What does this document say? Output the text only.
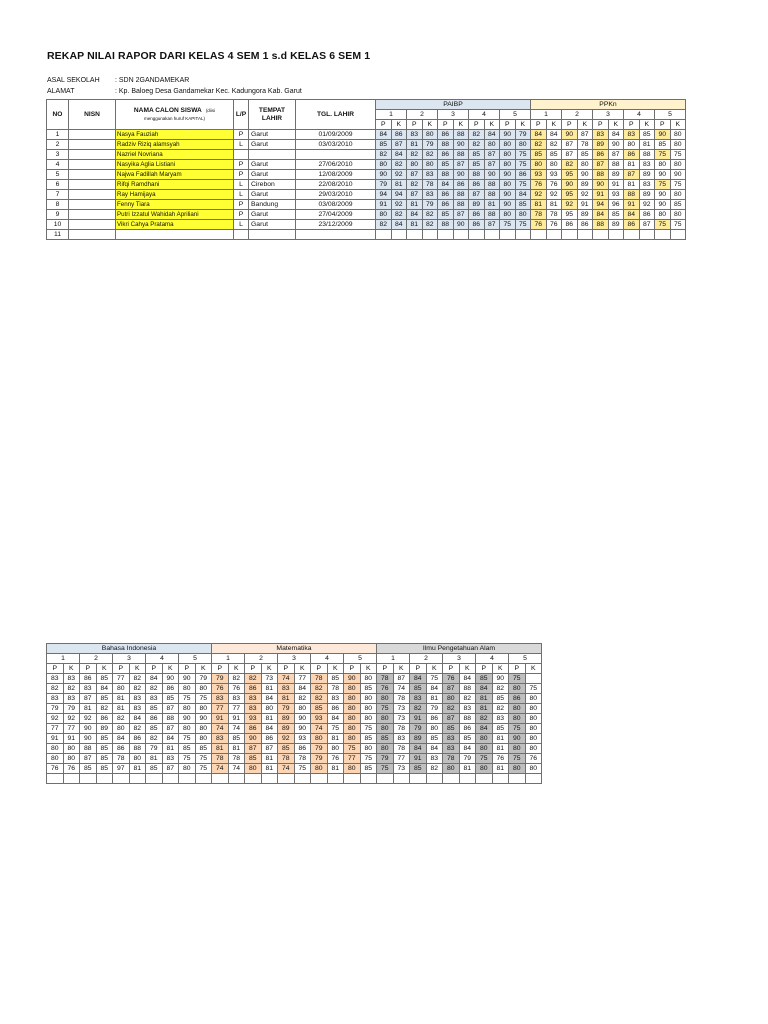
REKAP NILAI RAPOR DARI KELAS 4 SEM 1 s.d KELAS 6 SEM 1
ASAL SEKOLAH : SDN 2GANDAMEKAR
ALAMAT	: Kp. Baloeg Desa Gandamekar Kec. Kadungora Kab. Garut
NO	NISN	NAMA CALON SISWA (diisi
menggunakan huruf KAPITAL)	L/P	TEMPAT LAHIR	TGL. LAHIR	PAIBP										PPKn									
						1		2		3		4		5		1		2		3		4		5	
						P	K	P	K	P	K	P	K	P	K	P	K	P	K	P	K	P	K	P	K
1		Nasya Fauziah	P	Garut	01/09/2009	84	86	83	80	86	88	82	84	90	79	84	84	90	87	83	84	83	85	90	80
2		Radziv Riziq alamsyah	L	Garut	03/03/2010	85	87	81	79	88	90	82	80	80	80	82	82	87	78	89	90	80	81	85	80
3		Nazriel Novriana				82	84	82	82	86	88	85	87	80	75	85	85	87	85	86	87	86	88	75	75
4		Nasyika Aglia Listiani	P	Garut	27/06/2010	80	82	80	80	85	87	85	87	80	75	80	80	82	80	87	88	81	83	80	80
5		Najwa Fadillah Maryam	P	Garut	12/08/2009	90	92	87	83	88	90	88	90	90	86	93	93	95	90	88	89	87	89	90	90
6		Rifqi Ramdhani	L	Cirebon	22/08/2010	79	81	82	78	84	86	86	88	80	75	76	76	90	89	90	91	81	83	75	75
7		Ray Hamijaya	L	Garut	29/03/2010	94	94	87	83	86	88	87	88	90	84	92	92	95	92	91	93	88	89	90	80
8		Fenny Tiara	P	Bandung	03/08/2009	91	92	81	79	86	88	89	81	90	85	81	81	92	91	94	96	91	92	90	85
9		Putri Izzatul Wahidah Apriliani	P	Garut	27/04/2009	80	82	84	82	85	87	86	88	80	80	78	78	95	89	84	85	84	86	80	80
10		Vikri Cahya Pratama	L	Garut	23/12/2009	82	84	81	82	88	90	86	87	75	75	76	76	86	86	88	89	86	87	75	75
11																									
Bahasa Indonesia										Matematika										Ilmu Pengetahuan Alam									
1		2		3		4		5		1		2		3		4		5		1		2		3		4		5	
P	K	P	K	P	K	P	K	P	K	P	K	P	K	P	K	P	K	P	K	P	K	P	K	P	K	P	K	P	K
83	83	86	85	77	82	84	90	90	79	79	82	82	73	74	77	78	85	90	80	78	87	84	75	76	84	85	90	75	
82	82	83	84	80	82	82	86	80	80	76	76	86	81	83	84	82	78	80	85	76	74	85	84	87	88	84	82	80	75
83	83	87	85	81	83	83	85	75	75	83	83	83	84	81	82	82	83	80	80	80	78	83	81	80	82	81	85	86	80
79	79	81	82	81	83	85	87	80	80	77	77	83	80	79	80	85	86	80	80	75	73	82	79	82	83	81	82	80	80
92	92	92	86	82	84	86	88	90	90	91	91	93	81	89	90	93	84	80	80	80	73	91	86	87	88	82	83	80	80
77	77	90	89	80	82	85	87	80	80	74	74	86	84	89	90	74	75	80	75	80	78	79	80	85	86	84	85	75	80
91	91	90	85	84	86	82	84	75	80	83	85	90	86	92	93	80	81	80	85	85	83	89	85	83	85	80	81	90	80
80	80	88	85	86	88	79	81	85	85	81	81	87	87	85	86	79	80	75	80	80	78	84	84	83	84	80	81	80	80
80	80	87	85	78	80	81	83	75	75	78	78	85	81	78	78	79	76	77	75	79	77	91	83	78	79	75	76	75	76
76	76	85	85	97	81	85	87	80	75	74	74	80	81	74	75	80	81	80	85	75	73	85	82	80	81	80	81	80	80
